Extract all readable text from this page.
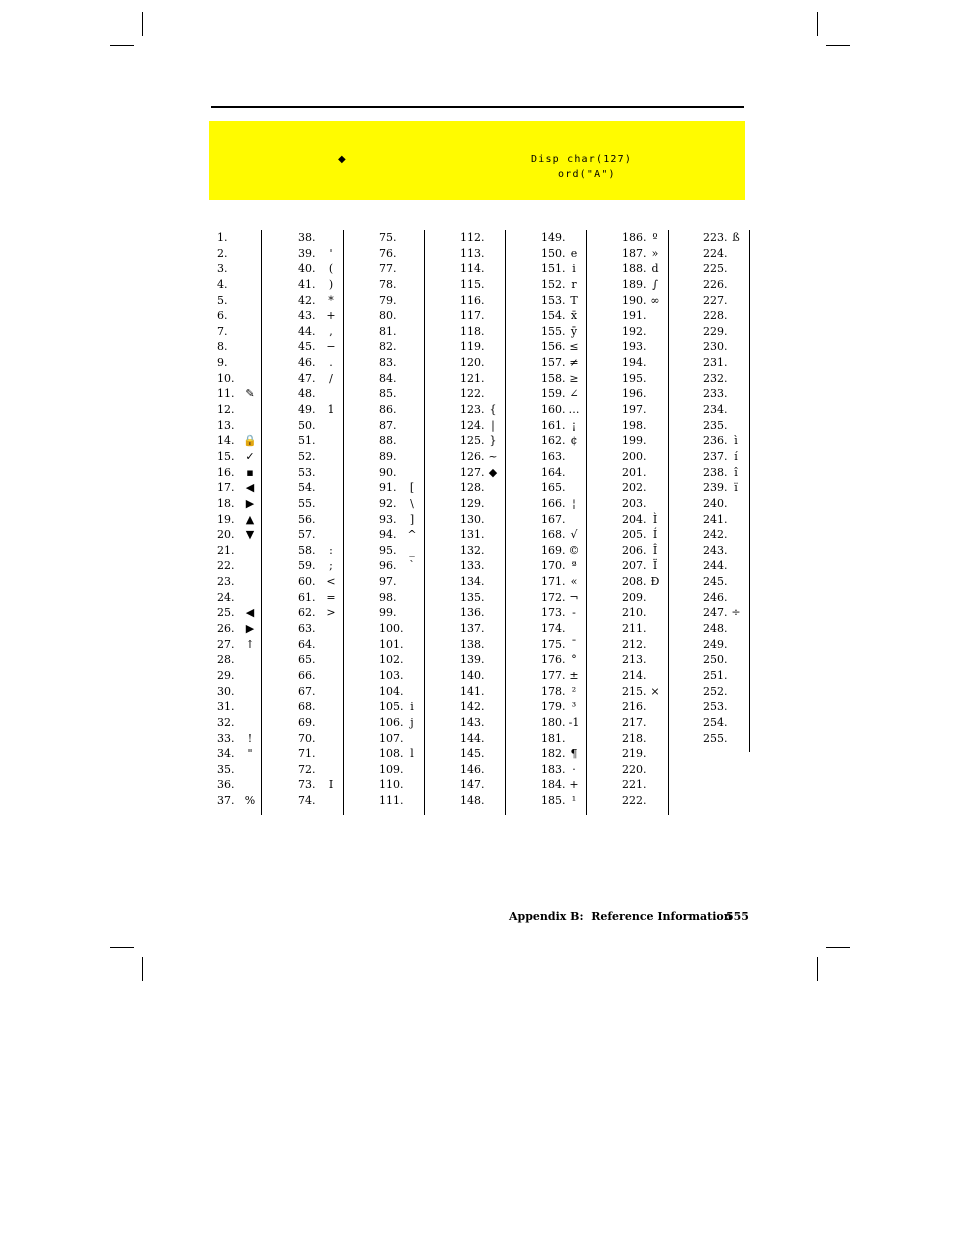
◆	Disp char(127)
ord("A")
1.
2.
3.
4.
5.
6.
7.
8.
9.
10.
11. ✎
12.
13.
14. 🔒
15. ✓
16. ▪
17. ◀
18. ▶
19. ▲
20. ▼
21.
22.
23.
24.
25. ◀
26. ▶
27. ↑
28.
29.
30.
31.
32.
33.	!
34.	"
35.
36.
37. %
38.
39.	'
40.	(
41.	)
42.	*
43. +
44.	,
45. −
46.	.
47.	/
48.
49.	1
50.
51.
52.
53.
54.
55.
56.
57.
58.	:
59.	;
60. <
61. =
62. >
63.
64.
65.
66.
67.
68.
69.
70.
71.
72.
73.	I
74.
75.
76.
77.
78.
79.
80.
81.
82.
83.
84.
85.
86.
87.
88.
89.
90.
91.	[
92.	\
93.	]
94. ^
95.	_
96.	`
97.
98.
99.
100.
101.
102.
103.
104.
105. i
106. j
107.
108. l
109.
110.
111.
112.
113.
114.
115.
116.
117.
118.
119.
120.
121.
122.
123. {
124. |
125. }
126. ~
127. ◆
128.
129.
130.
131.
132.
133.
134.
135.
136.
137.
138.
139.
140.
141.
142.
143.
144.
145.
146.
147.
148.
149.
150. e
151. i
152. r
153. T
154. x̄
155. ȳ
156. ≤
157. ≠
158. ≥
159. ∠
160. …
161. ¡
162. ¢
163.
164.
165.
166. ¦
167.
168. √
169. ©
170. ª
171. «
172. ¬
173. -
174.
175. ¯
176. °
177. ±
178. ²
179. ³
180. -1
181.
182. ¶
183. ·
184. +
185. ¹
186. º
187. »
188. d
189. ∫
190. ∞
191.
192.
193.
194.
195.
196.
197.
198.
199.
200.
201.
202.
203.
204. Ì
205. Í
206. Î
207. Ï
208. Ð
209.
210.
211.
212.
213.
214.
215. ×
216.
217.
218.
219.
220.
221.
222.
223. ß
224.
225.
226.
227.
228.
229.
230.
231.
232.
233.
234.
235.
236. ì
237. í
238. î
239. ï
240.
241.
242.
243.
244.
245.
246.
247. ÷
248.
249.
250.
251.
252.
253.
254.
255.
Appendix B:  Reference Information
555
